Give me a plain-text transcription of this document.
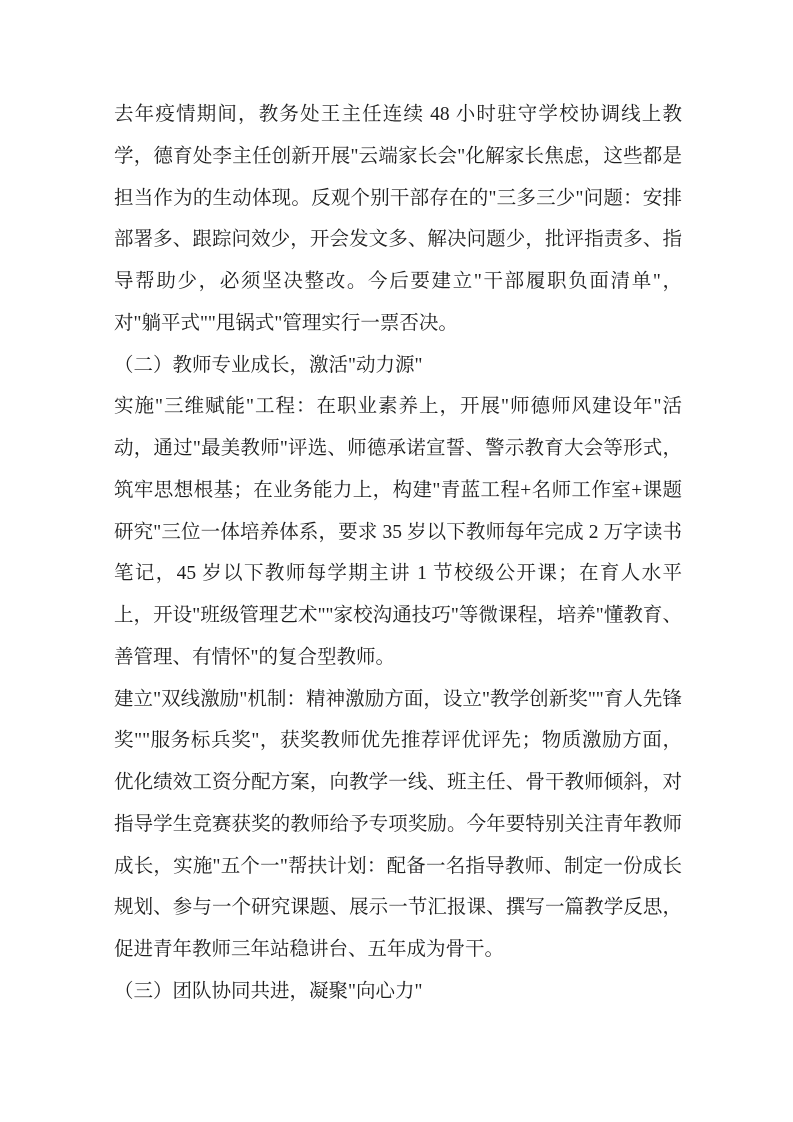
去年疫情期间，教务处王主任连续 48 小时驻守学校协调线上教学，德育处李主任创新开展"云端家长会"化解家长焦虑，这些都是担当作为的生动体现。反观个别干部存在的"三多三少"问题：安排部署多、跟踪问效少，开会发文多、解决问题少，批评指责多、指导帮助少，必须坚决整改。今后要建立"干部履职负面清单"，对"躺平式""甩锅式"管理实行一票否决。

（二）教师专业成长，激活"动力源"

实施"三维赋能"工程：在职业素养上，开展"师德师风建设年"活动，通过"最美教师"评选、师德承诺宣誓、警示教育大会等形式，筑牢思想根基；在业务能力上，构建"青蓝工程+名师工作室+课题研究"三位一体培养体系，要求 35 岁以下教师每年完成 2 万字读书笔记，45 岁以下教师每学期主讲 1 节校级公开课；在育人水平上，开设"班级管理艺术""家校沟通技巧"等微课程，培养"懂教育、善管理、有情怀"的复合型教师。

建立"双线激励"机制：精神激励方面，设立"教学创新奖""育人先锋奖""服务标兵奖"，获奖教师优先推荐评优评先；物质激励方面，优化绩效工资分配方案，向教学一线、班主任、骨干教师倾斜，对指导学生竞赛获奖的教师给予专项奖励。今年要特别关注青年教师成长，实施"五个一"帮扶计划：配备一名指导教师、制定一份成长规划、参与一个研究课题、展示一节汇报课、撰写一篇教学反思，促进青年教师三年站稳讲台、五年成为骨干。

（三）团队协同共进，凝聚"向心力"
